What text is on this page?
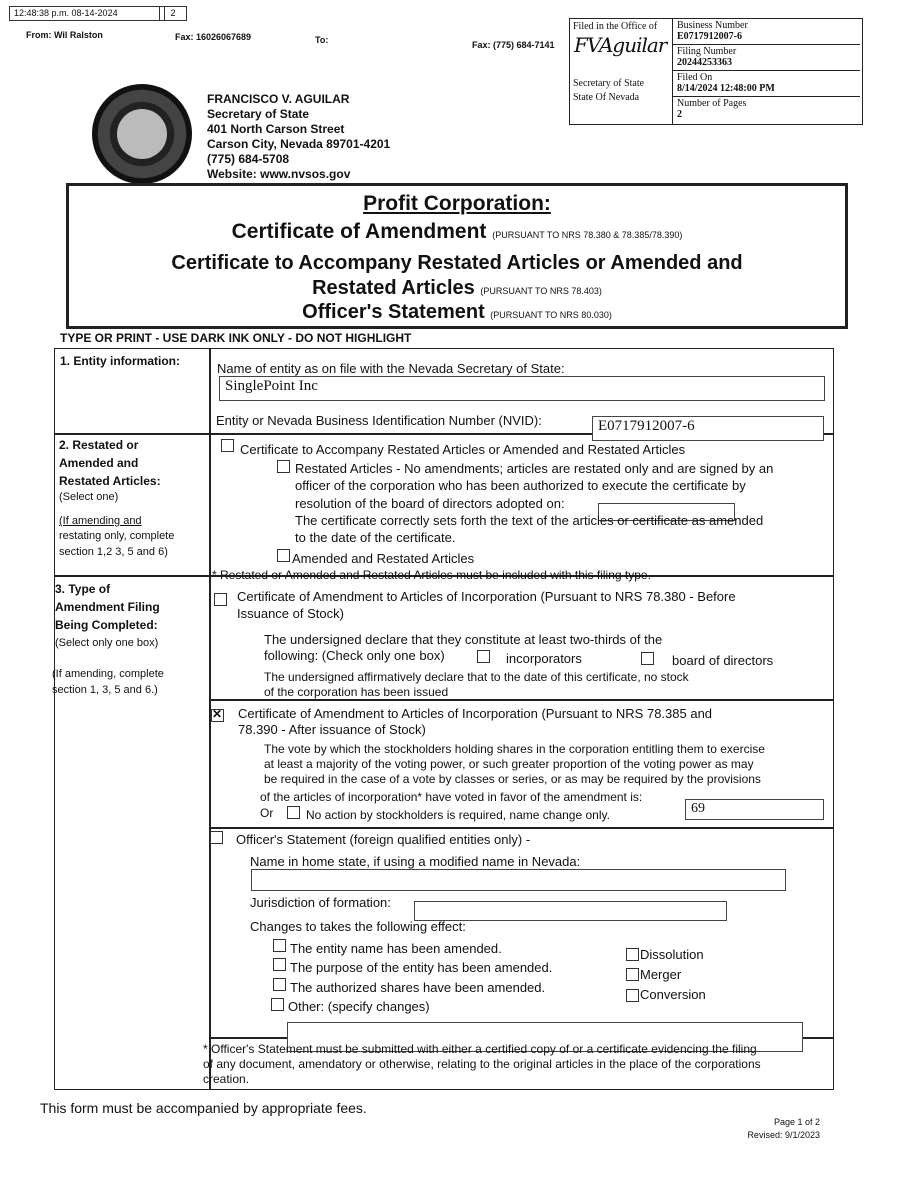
12:48:38 p.m. 08-14-2024	2
From: Wil Ralston	Fax: 16026067689	To:	Fax: (775) 684-7141
Filed in the Office of
FVAguilar
Secretary of State
State Of Nevada
Business Number
E0717912007-6
Filing Number
20244253363
Filed On
8/14/2024 12:48:00 PM
Number of Pages
2
FRANCISCO V. AGUILAR
Secretary of State
401 North Carson Street
Carson City, Nevada 89701-4201
(775) 684-5708
Website: www.nvsos.gov
Profit Corporation:
Certificate of Amendment (PURSUANT TO NRS 78.380 & 78.385/78.390)
Certificate to Accompany Restated Articles or Amended and
Restated Articles (PURSUANT TO NRS 78.403)
Officer's Statement (PURSUANT TO NRS 80.030)
TYPE OR PRINT - USE DARK INK ONLY - DO NOT HIGHLIGHT
1. Entity information:	Name of entity as on file with the Nevada Secretary of State:
SinglePoint Inc
Entity or Nevada Business Identification Number (NVID):	E0717912007-6
2. Restated or
Amended and
Restated Articles:
(Select one)
(If amending and
restating only, complete
section 1,2 3, 5 and 6)
Certificate to Accompany Restated Articles or Amended and Restated Articles
Restated Articles - No amendments; articles are restated only and are signed by an
officer of the corporation who has been authorized to execute the certificate by
resolution of the board of directors adopted on:
The certificate correctly sets forth the text of the articles or certificate as amended
to the date of the certificate.
Amended and Restated Articles
* Restated or Amended and Restated Articles must be included with this filing type.
3. Type of
Amendment Filing
Being Completed:
(Select only one box)
(If amending, complete
section 1, 3, 5 and 6.)
Certificate of Amendment to Articles of Incorporation (Pursuant to NRS 78.380 - Before
Issuance of Stock)
The undersigned declare that they constitute at least two-thirds of the
following: (Check only one box)	incorporators	board of directors
The undersigned affirmatively declare that to the date of this certificate, no stock
of the corporation has been issued
✕
Certificate of Amendment to Articles of Incorporation (Pursuant to NRS 78.385 and
78.390 - After issuance of Stock)
The vote by which the stockholders holding shares in the corporation entitling them to exercise
at least a majority of the voting power, or such greater proportion of the voting power as may
be required in the case of a vote by classes or series, or as may be required by the provisions
of the articles of incorporation* have voted in favor of the amendment is:
69
Or	No action by stockholders is required, name change only.
Officer's Statement (foreign qualified entities only) -
Name in home state, if using a modified name in Nevada:
Jurisdiction of formation:
Changes to takes the following effect:
The entity name has been amended.
The purpose of the entity has been amended.
The authorized shares have been amended.
Other: (specify changes)
Dissolution
Merger
Conversion
* Officer's Statement must be submitted with either a certified copy of or a certificate evidencing the filing
of any document, amendatory or otherwise, relating to the original articles in the place of the corporations
creation.
This form must be accompanied by appropriate fees.
Page 1 of 2
Revised: 9/1/2023
